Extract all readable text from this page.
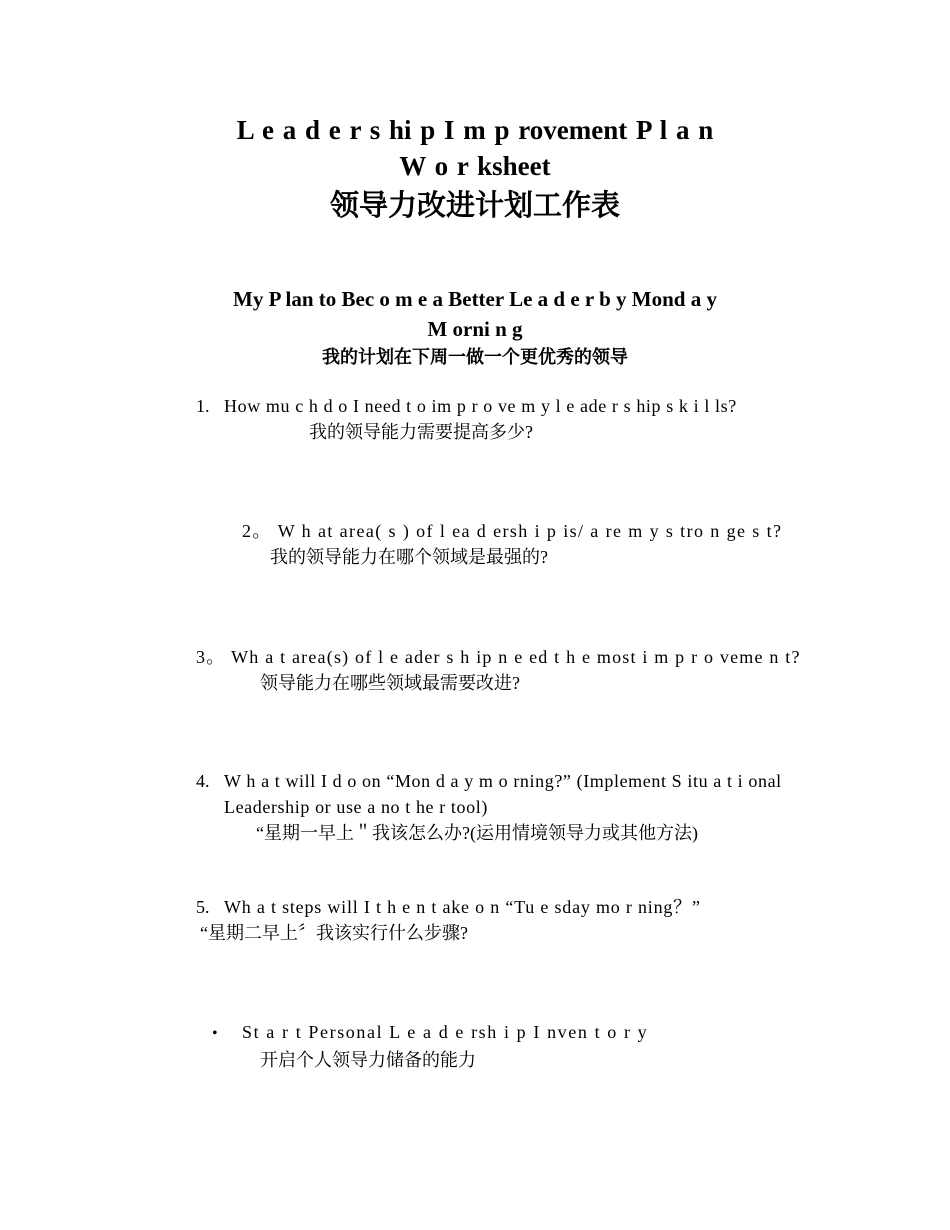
L e a d e r s hi p I m p rovement P l a n
W o r ksheet
领导力改进计划工作表
My P lan to Bec o m e a Better Le a d e r b y Mond a y
M orni n g
我的计划在下周一做一个更优秀的领导
1. How mu c h d o I need t o im p r o ve m y l e ade r s hip s k i l ls?
我的领导能力需要提高多少?
2。 W h at area( s ) of l ea d ersh i p is/ a re m y s tro n ge s t?
我的领导能力在哪个领域是最强的?
3。 Wh a t area(s) of l e ader s h ip n e ed t h e most i m p r o veme n t?
领导能力在哪些领域最需要改进?
4. W h a t will I d o on “Mon d a y m o rning?” (Implement S itu a t i onal Leadership or use a no t he r tool)
“星期一早上＂我该怎么办?(运用情境领导力或其他方法)
5. Wh a t steps will I t h e n t ake o n “Tu e sday mo r ning？”
“星期二早上〞我该实行什么步骤?
• St a r t Personal L e a d e rsh i p I nven t o r y
开启个人领导力储备的能力
